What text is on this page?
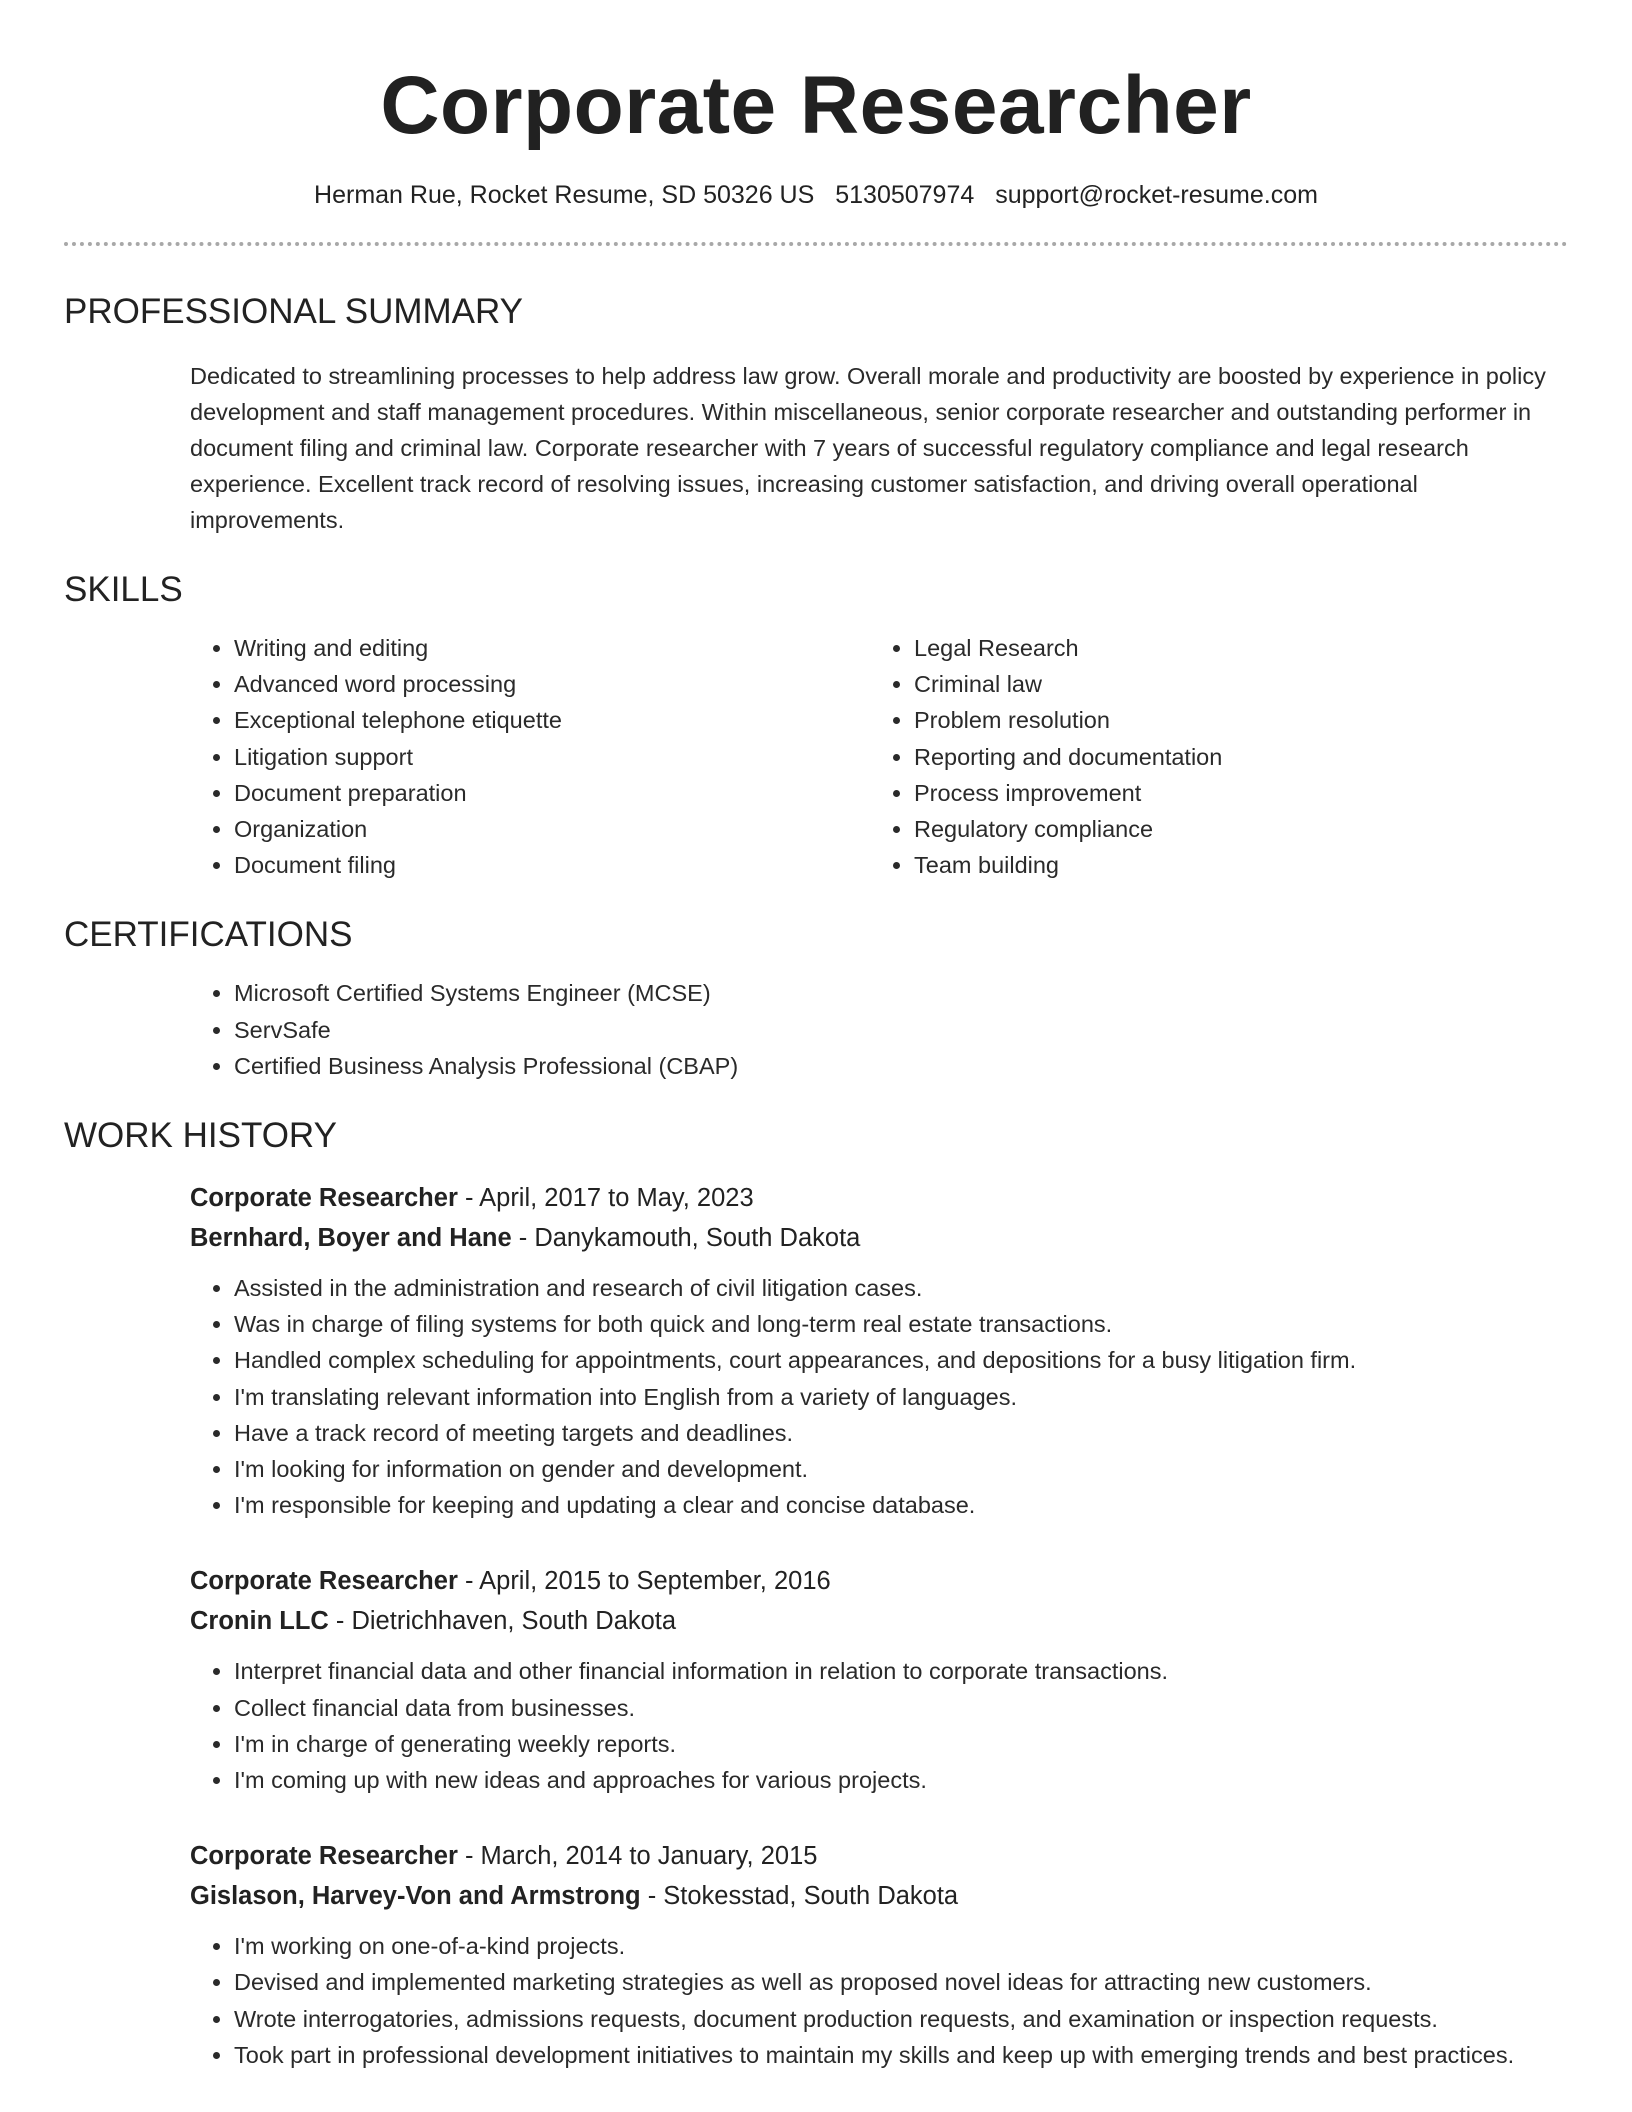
Corporate Researcher
Herman Rue, Rocket Resume, SD 50326 US 5130507974 support@rocket-resume.com
PROFESSIONAL SUMMARY

Dedicated to streamlining processes to help address law grow. Overall morale and productivity are boosted by experience in policy development and staff management procedures. Within miscellaneous, senior corporate researcher and outstanding performer in document filing and criminal law. Corporate researcher with 7 years of successful regulatory compliance and legal research experience. Excellent track record of resolving issues, increasing customer satisfaction, and driving overall operational improvements.

SKILLS
• Writing and editing
• Advanced word processing
• Exceptional telephone etiquette
• Litigation support
• Document preparation
• Organization
• Document filing
• Legal Research
• Criminal law
• Problem resolution
• Reporting and documentation
• Process improvement
• Regulatory compliance
• Team building
CERTIFICATIONS
• Microsoft Certified Systems Engineer (MCSE)
• ServSafe
• Certified Business Analysis Professional (CBAP)
WORK HISTORY
Corporate Researcher - April, 2017 to May, 2023
Bernhard, Boyer and Hane - Danykamouth, South Dakota
• Assisted in the administration and research of civil litigation cases.
• Was in charge of filing systems for both quick and long-term real estate transactions.
• Handled complex scheduling for appointments, court appearances, and depositions for a busy litigation firm.
• I'm translating relevant information into English from a variety of languages.
• Have a track record of meeting targets and deadlines.
• I'm looking for information on gender and development.
• I'm responsible for keeping and updating a clear and concise database.
Corporate Researcher - April, 2015 to September, 2016
Cronin LLC - Dietrichhaven, South Dakota
• Interpret financial data and other financial information in relation to corporate transactions.
• Collect financial data from businesses.
• I'm in charge of generating weekly reports.
• I'm coming up with new ideas and approaches for various projects.
Corporate Researcher - March, 2014 to January, 2015
Gislason, Harvey-Von and Armstrong - Stokesstad, South Dakota
• I'm working on one-of-a-kind projects.
• Devised and implemented marketing strategies as well as proposed novel ideas for attracting new customers.
• Wrote interrogatories, admissions requests, document production requests, and examination or inspection requests.
• Took part in professional development initiatives to maintain my skills and keep up with emerging trends and best practices.
